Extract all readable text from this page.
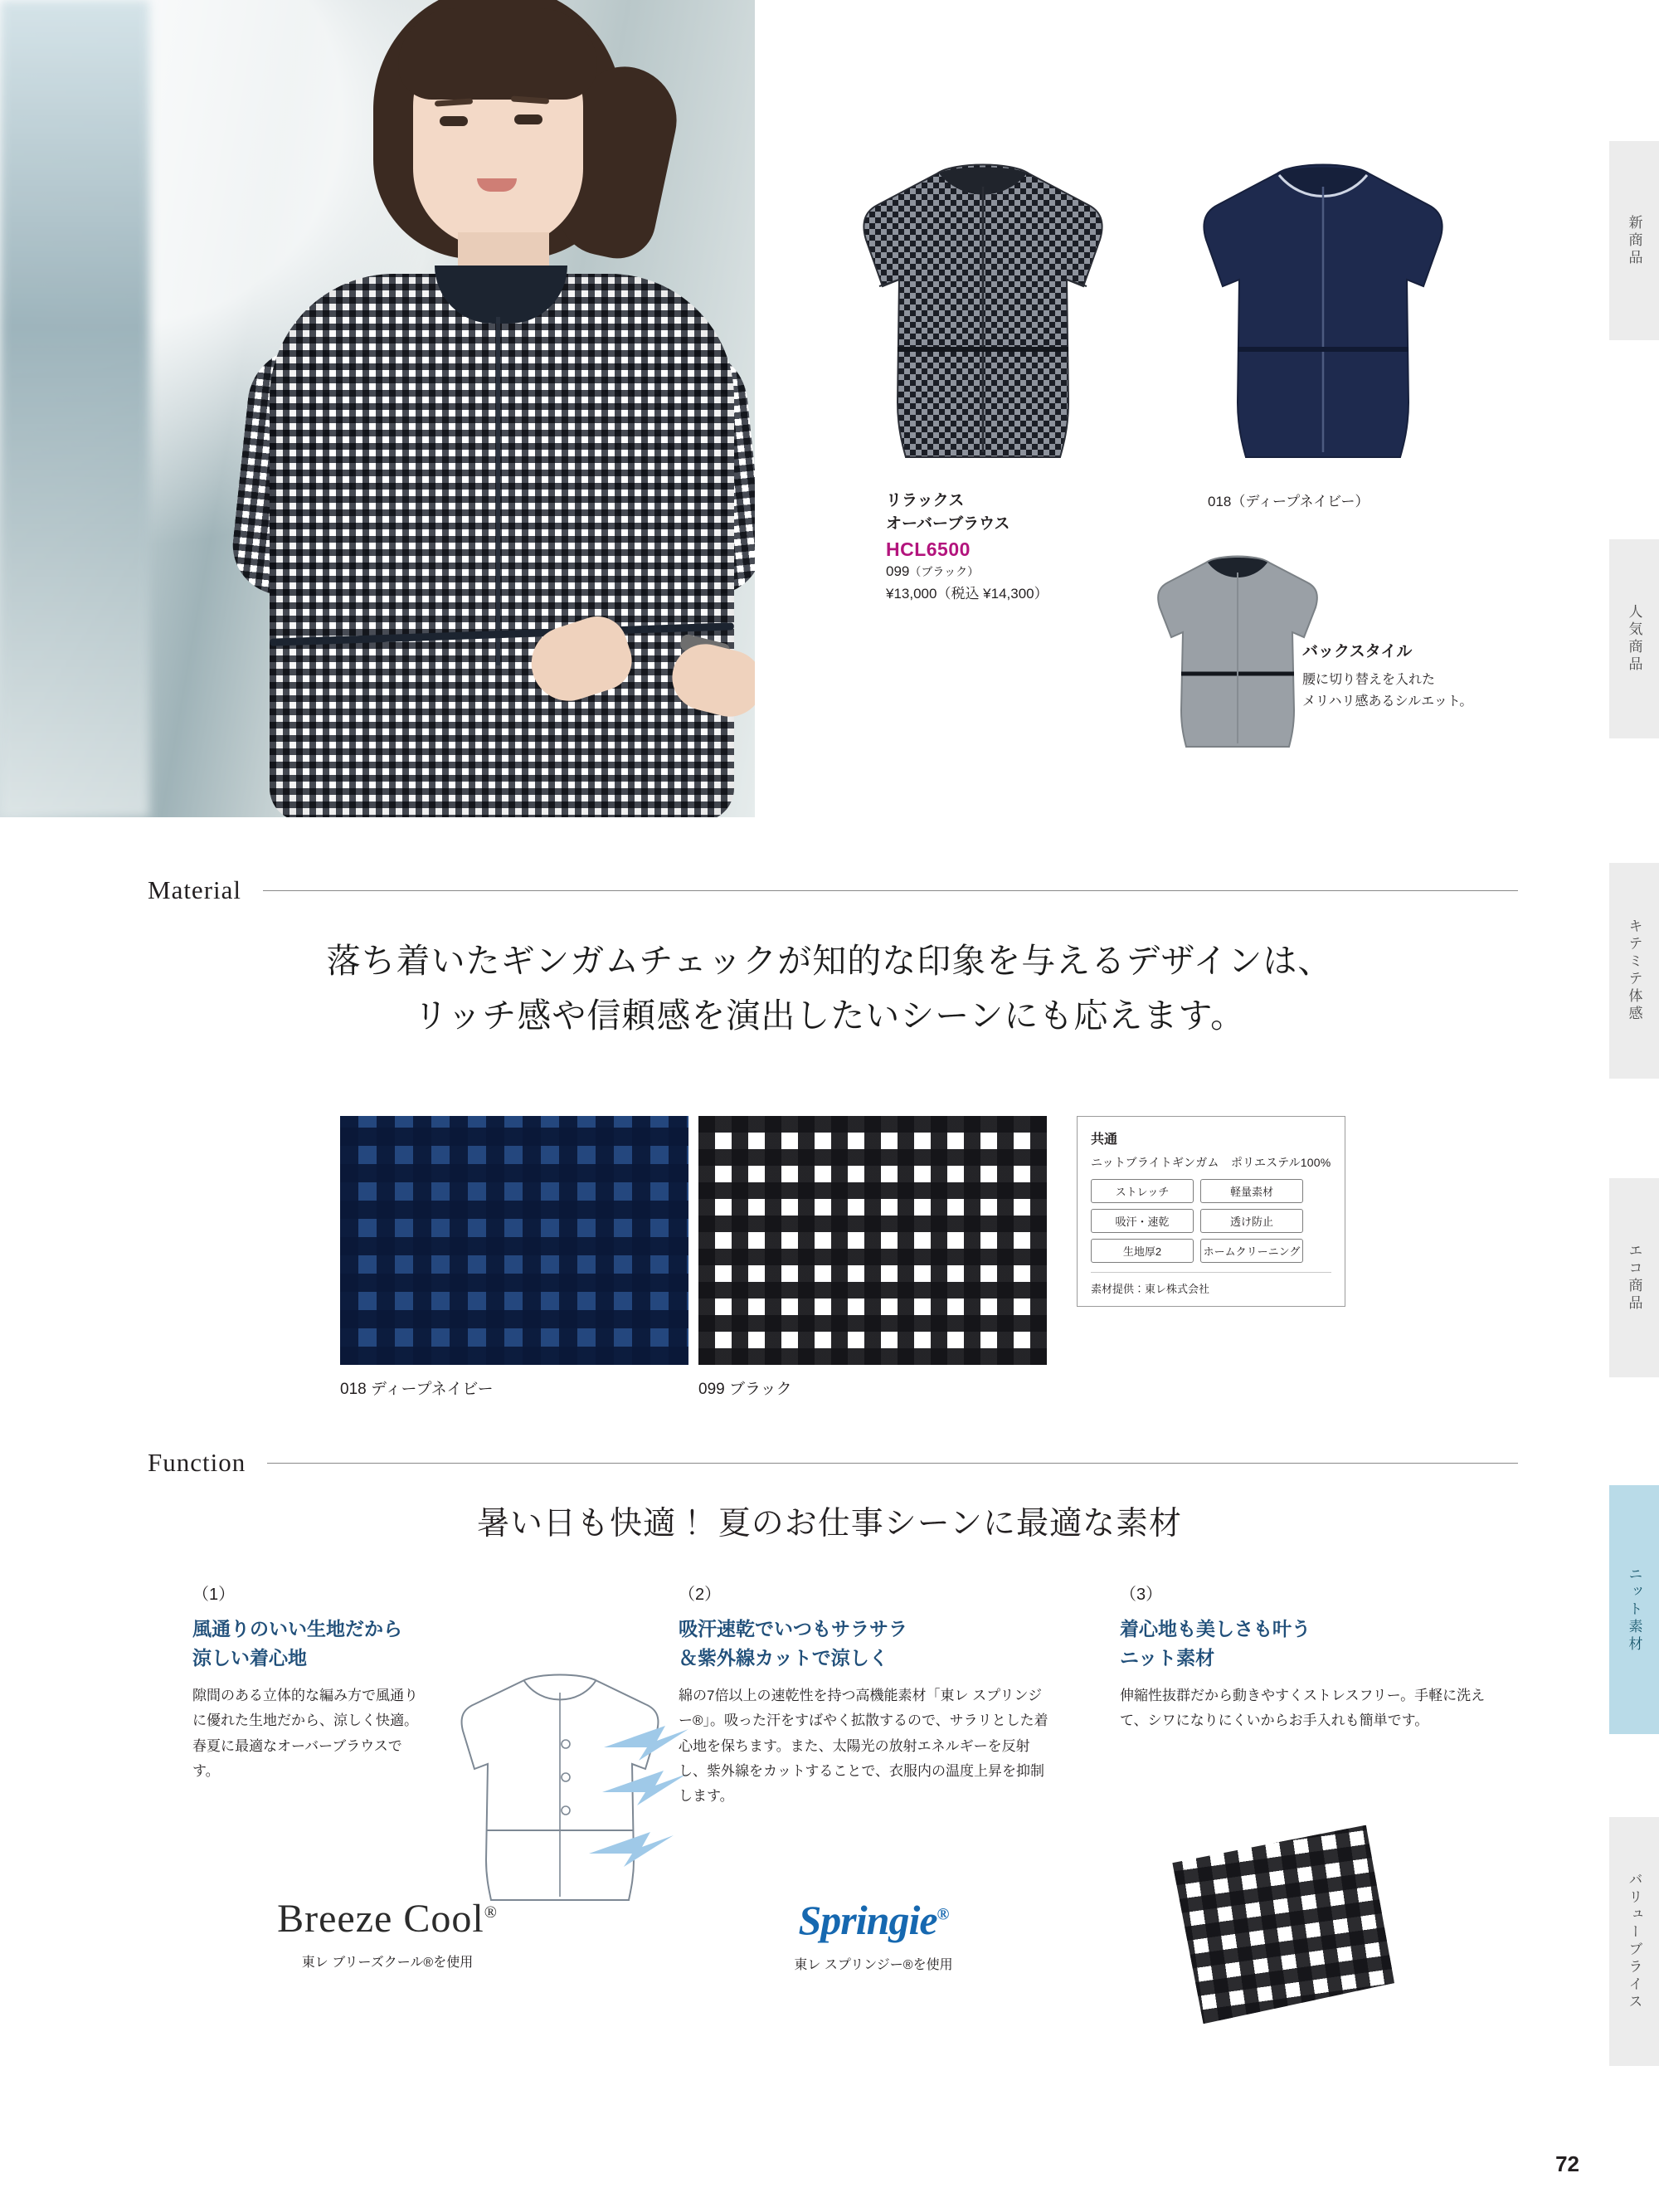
リラックス
オーバーブラウス
HCL6500
099（ブラック）
¥13,000（税込 ¥14,300）
018（ディープネイビー）
バックスタイル
腰に切り替えを入れた
メリハリ感あるシルエット。
Material
落ち着いたギンガムチェックが知的な印象を与えるデザインは、
リッチ感や信頼感を演出したいシーンにも応えます。
018 ディープネイビー	099 ブラック
共通
ニットブライトギンガム　ポリエステル100%
ストレッチ	軽量素材
吸汗・速乾	透け防止
生地厚2	ホームクリーニング
素材提供：東レ株式会社
Function
暑い日も快適！ 夏のお仕事シーンに最適な素材
（1）
風通りのいい生地だから
涼しい着心地
隙間のある立体的な編み方で風通りに優れた生地だから、涼しく快適。春夏に最適なオーバーブラウスです。
Breeze Cool®
東レ ブリーズクール®を使用
（2）
吸汗速乾でいつもサラサラ
＆紫外線カットで涼しく
綿の7倍以上の速乾性を持つ高機能素材「東レ スプリンジー®」。吸った汗をすばやく拡散するので、サラリとした着心地を保ちます。また、太陽光の放射エネルギーを反射し、紫外線をカットすることで、衣服内の温度上昇を抑制します。
Springie®
東レ スプリンジー®を使用
（3）
着心地も美しさも叶う
ニット素材
伸縮性抜群だから動きやすくストレスフリー。手軽に洗えて、シワになりにくいからお手入れも簡単です。
新商品
人気商品
キテミテ体感
エコ商品
ニット素材
バリューブライス
72
